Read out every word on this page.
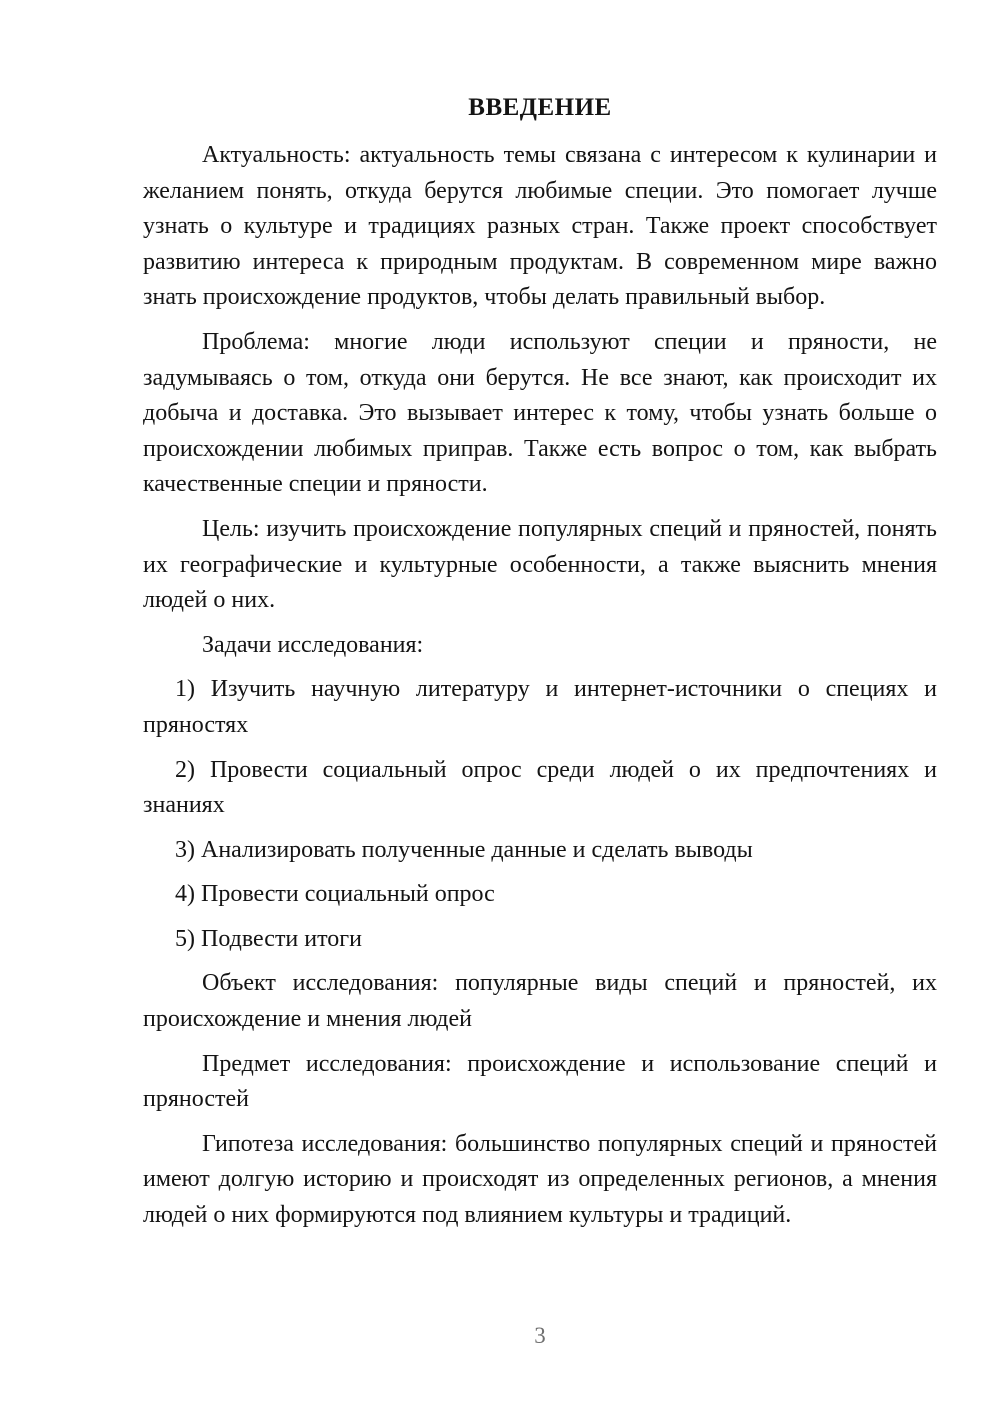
ВВЕДЕНИЕ

Актуальность: актуальность темы связана с интересом к кулинарии и желанием понять, откуда берутся любимые специи. Это помогает лучше узнать о культуре и традициях разных стран. Также проект способствует развитию интереса к природным продуктам. В современном мире важно знать происхождение продуктов, чтобы делать правильный выбор.

Проблема: многие люди используют специи и пряности, не задумываясь о том, откуда они берутся. Не все знают, как происходит их добыча и доставка. Это вызывает интерес к тому, чтобы узнать больше о происхождении любимых приправ. Также есть вопрос о том, как выбрать качественные специи и пряности.

Цель: изучить происхождение популярных специй и пряностей, понять их географические и культурные особенности, а также выяснить мнения людей о них.

Задачи исследования:

1) Изучить научную литературу и интернет-источники о специях и пряностях

2) Провести социальный опрос среди людей о их предпочтениях и знаниях

3) Анализировать полученные данные и сделать выводы

4) Провести социальный опрос

5) Подвести итоги

Объект исследования: популярные виды специй и пряностей, их происхождение и мнения людей

Предмет исследования: происхождение и использование специй и пряностей

Гипотеза исследования: большинство популярных специй и пряностей имеют долгую историю и происходят из определенных регионов, а мнения людей о них формируются под влиянием культуры и традиций.

3
